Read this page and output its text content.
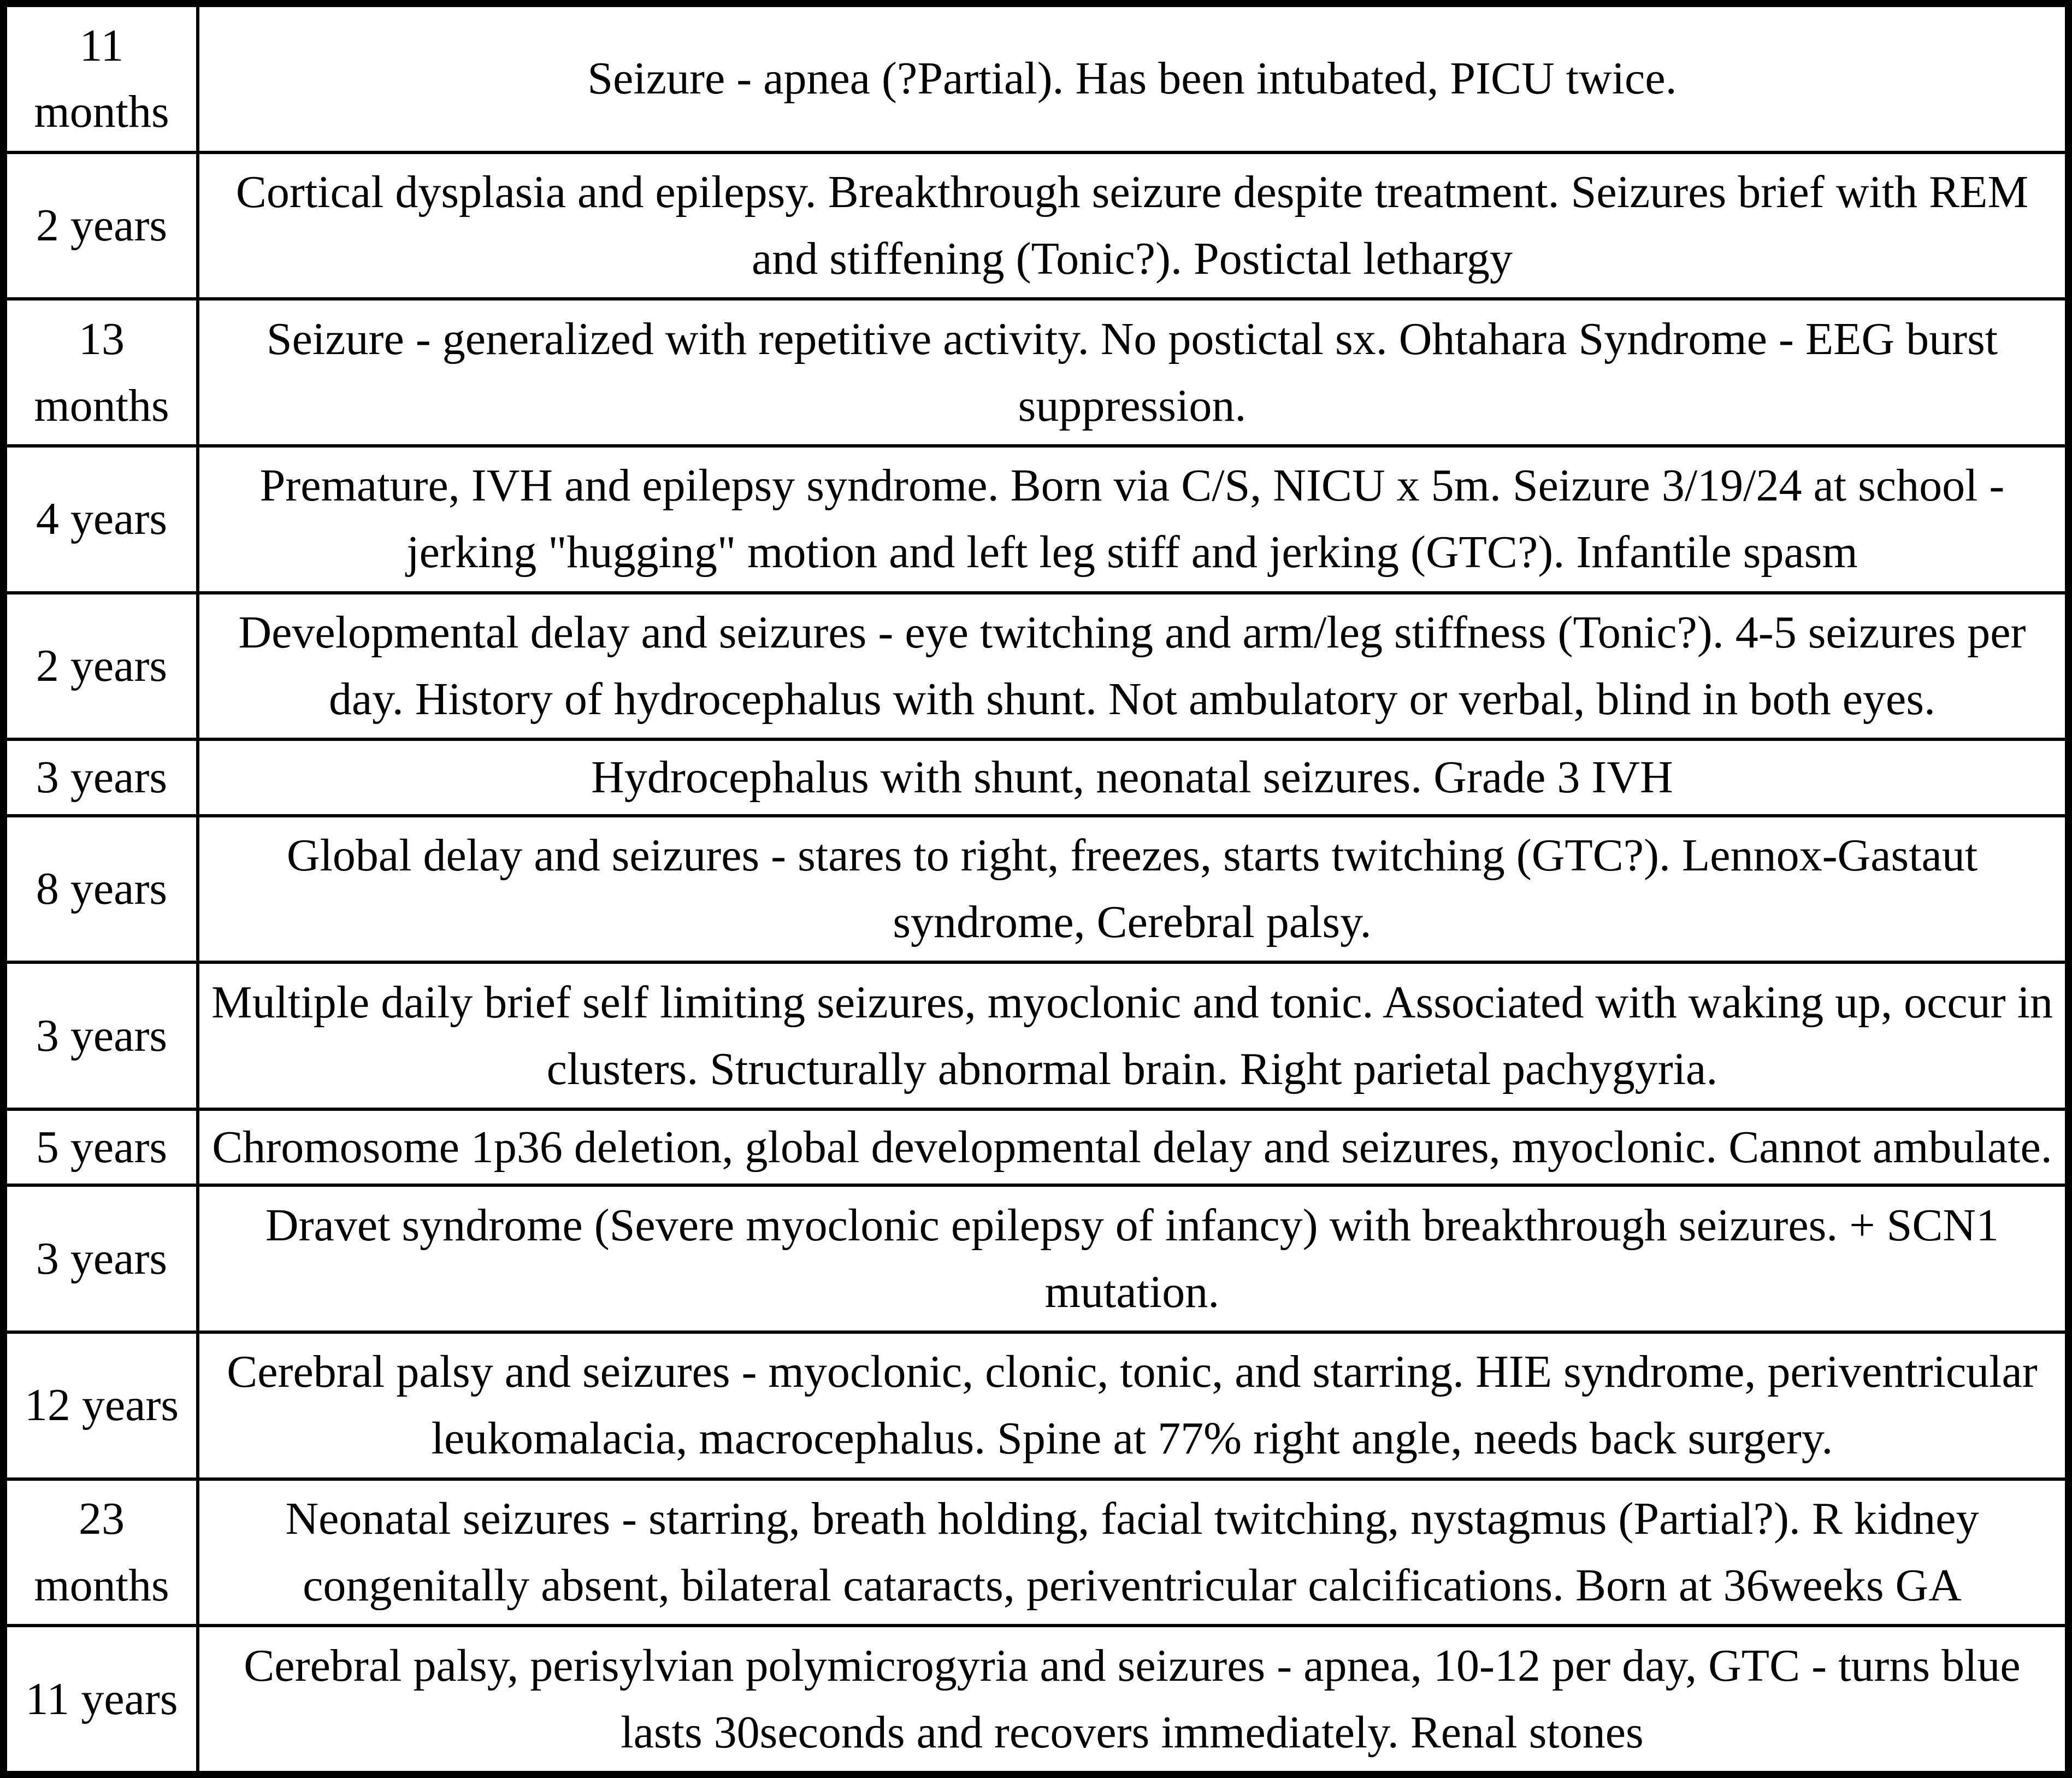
11 months	Seizure - apnea (?Partial). Has been intubated, PICU twice.
2 years	Cortical dysplasia and epilepsy. Breakthrough seizure despite treatment. Seizures brief with REM and stiffening (Tonic?). Postictal lethargy
13 months	Seizure - generalized with repetitive activity. No postictal sx. Ohtahara Syndrome - EEG burst suppression.
4 years	Premature, IVH and epilepsy syndrome. Born via C/S, NICU x 5m. Seizure 3/19/24 at school - jerking "hugging" motion and left leg stiff and jerking (GTC?). Infantile spasm
2 years	Developmental delay and seizures - eye twitching and arm/leg stiffness (Tonic?). 4-5 seizures per day. History of hydrocephalus with shunt. Not ambulatory or verbal, blind in both eyes.
3 years	Hydrocephalus with shunt, neonatal seizures. Grade 3 IVH
8 years	Global delay and seizures - stares to right, freezes, starts twitching (GTC?). Lennox-Gastaut syndrome, Cerebral palsy.
3 years	Multiple daily brief self limiting seizures, myoclonic and tonic. Associated with waking up, occur in clusters. Structurally abnormal brain. Right parietal pachygyria.
5 years	Chromosome 1p36 deletion, global developmental delay and seizures, myoclonic. Cannot ambulate.
3 years	Dravet syndrome (Severe myoclonic epilepsy of infancy) with breakthrough seizures. + SCN1 mutation.
12 years	Cerebral palsy and seizures - myoclonic, clonic, tonic, and starring. HIE syndrome, periventricular leukomalacia, macrocephalus. Spine at 77% right angle, needs back surgery.
23 months	Neonatal seizures - starring, breath holding, facial twitching, nystagmus (Partial?). R kidney congenitally absent, bilateral cataracts, periventricular calcifications. Born at 36weeks GA
11 years	Cerebral palsy, perisylvian polymicrogyria and seizures - apnea, 10-12 per day, GTC - turns blue lasts 30seconds and recovers immediately. Renal stones
